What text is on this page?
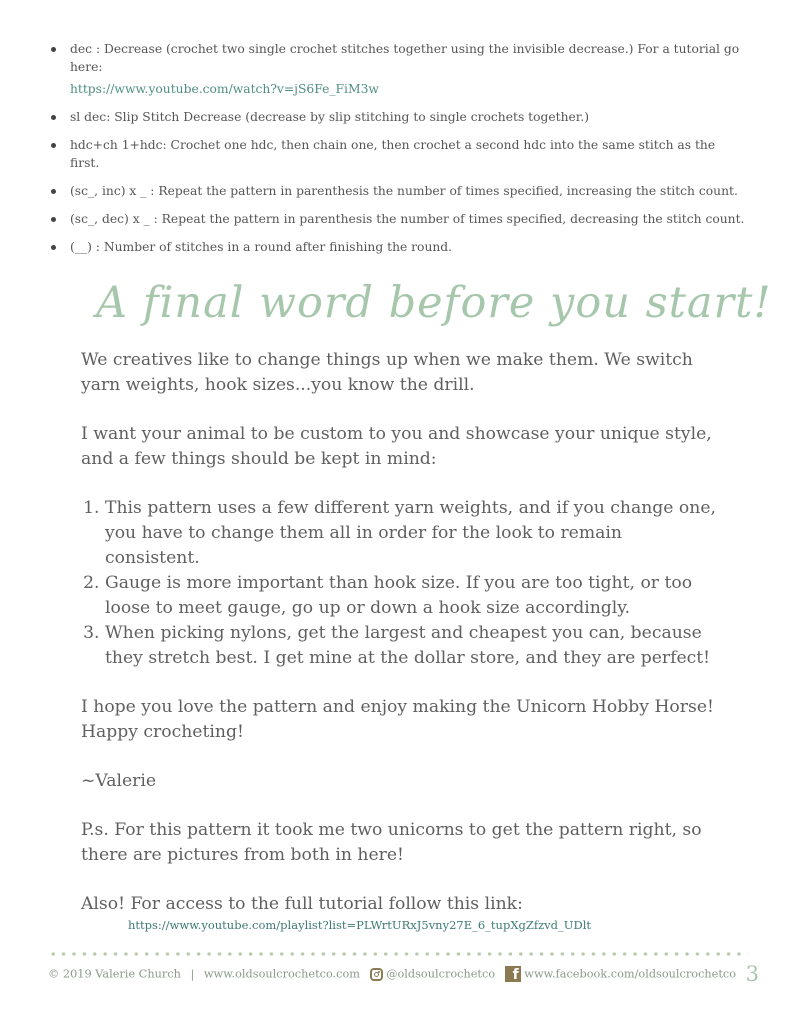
dec : Decrease (crochet two single crochet stitches together using the invisible decrease.) For a tutorial go here:
https://www.youtube.com/watch?v=jS6Fe_FiM3w
sl dec: Slip Stitch Decrease (decrease by slip stitching to single crochets together.)
hdc+ch 1+hdc: Crochet one hdc, then chain one, then crochet a second hdc into the same stitch as the first.
(sc_, inc) x _ : Repeat the pattern in parenthesis the number of times specified, increasing the stitch count.
(sc_, dec) x _ : Repeat the pattern in parenthesis the number of times specified, decreasing the stitch count.
(__) : Number of stitches in a round after finishing the round.
A final word before you start!

We creatives like to change things up when we make them. We switch yarn weights, hook sizes...you know the drill.

I want your animal to be custom to you and showcase your unique style, and a few things should be kept in mind:

1. This pattern uses a few different yarn weights, and if you change one, you have to change them all in order for the look to remain consistent.
2. Gauge is more important than hook size. If you are too tight, or too loose to meet gauge, go up or down a hook size accordingly.
3. When picking nylons, get the largest and cheapest you can, because they stretch best. I get mine at the dollar store, and they are perfect!

I hope you love the pattern and enjoy making the Unicorn Hobby Horse! Happy crocheting!

~Valerie

P.s. For this pattern it took me two unicorns to get the pattern right, so there are pictures from both in here!

Also! For access to the full tutorial follow this link:

https://www.youtube.com/playlist?list=PLWrtURxJ5vny27E_6_tupXgZfzvd_UDlt
© 2019 Valerie Church | www.oldsoulcrochetco.com @oldsoulcrochetco f www.facebook.com/oldsoulcrochetco 3
